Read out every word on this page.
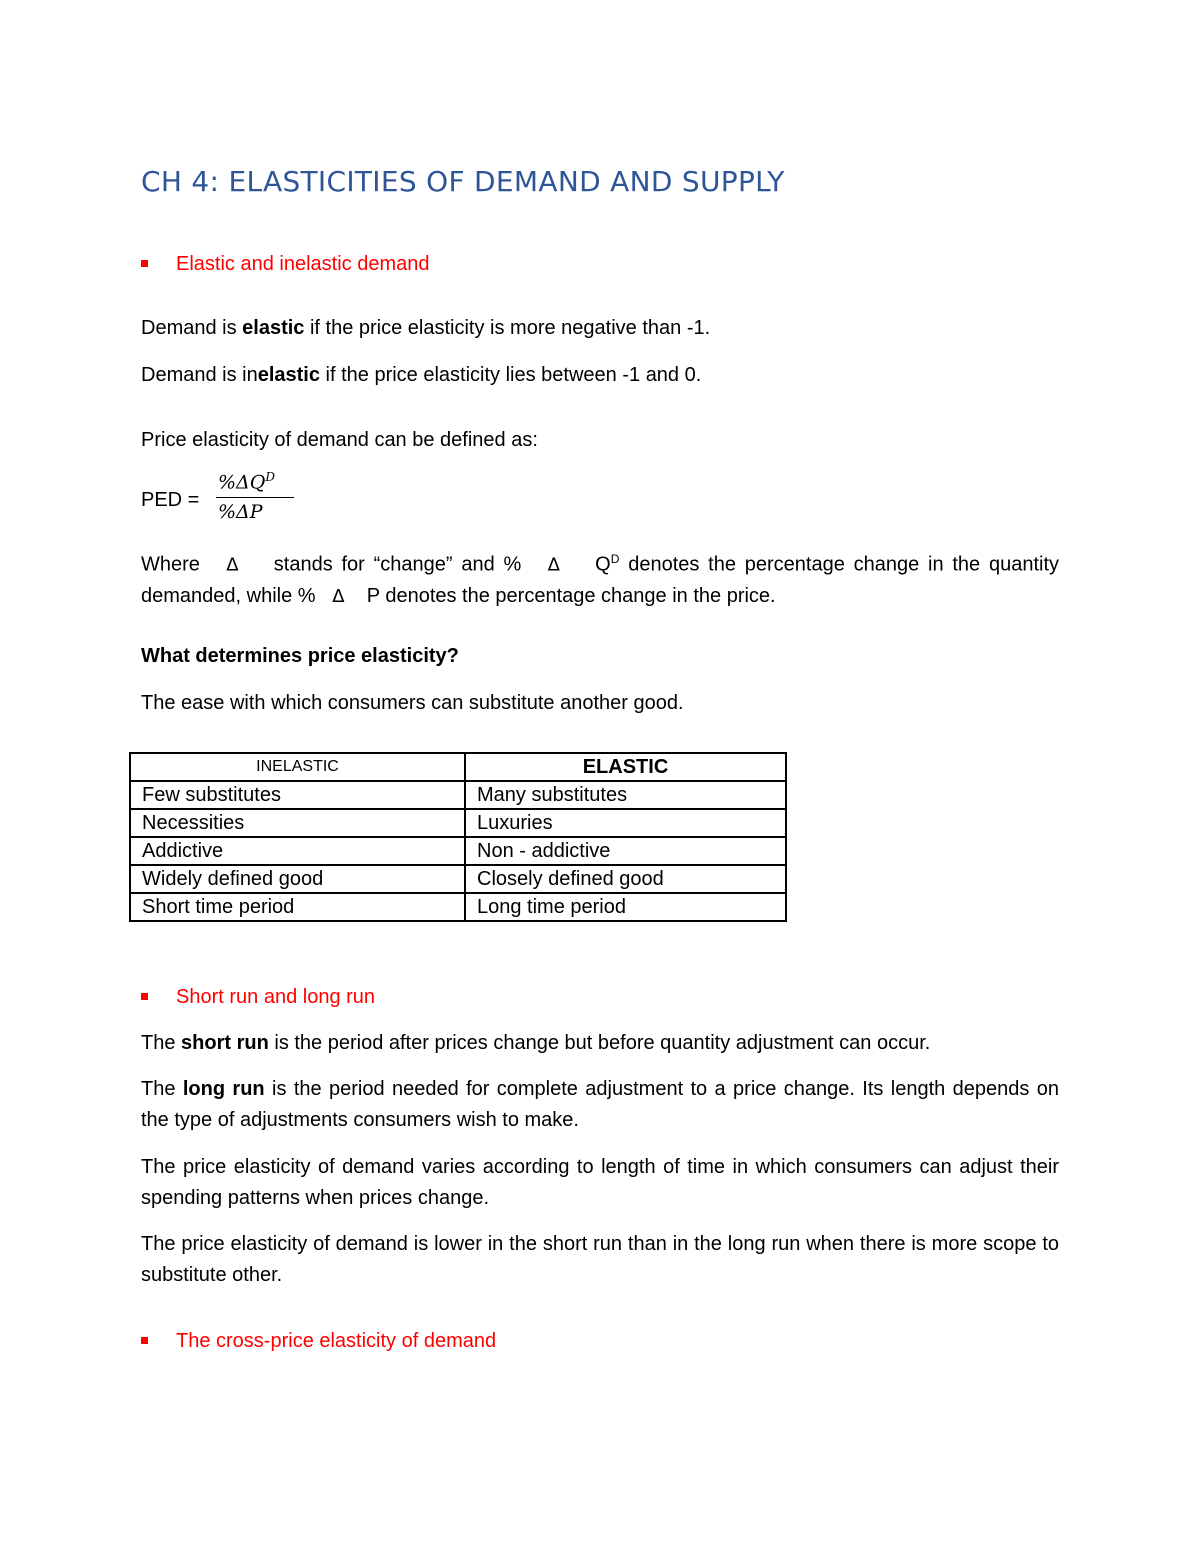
CH 4: ELASTICITIES OF DEMAND AND SUPPLY
Elastic and inelastic demand

Demand is elastic if the price elasticity is more negative than -1.

Demand is inelastic if the price elasticity lies between -1 and 0.

Price elasticity of demand can be defined as:

PED =
$\%\Delta Q^D$
%ΔP

Where Δ stands for “change” and % Δ $Q^D$ denotes the percentage change in the quantity demanded, while % Δ    P denotes the percentage change in the price.

What determines price elasticity?

The ease with which consumers can substitute another good.

INELASTIC	ELASTIC
Few substitutes	Many substitutes
Necessities	Luxuries
Addictive	Non - addictive
Widely defined good	Closely defined good
Short time period	Long time period
Short run and long run

The short run is the period after prices change but before quantity adjustment can occur.

The long run is the period needed for complete adjustment to a price change. Its length depends on the type of adjustments consumers wish to make.

The price elasticity of demand varies according to length of time in which consumers can adjust their spending patterns when prices change.

The price elasticity of demand is lower in the short run than in the long run when there is more scope to substitute other.

The cross-price elasticity of demand
